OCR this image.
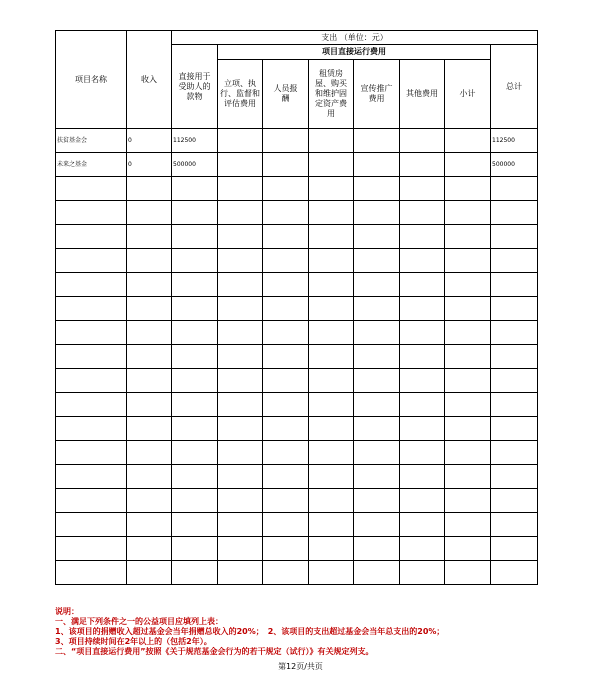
项目名称	收入	支出 （单位：元）							

		直接用于受助人的款物	项目直接运行费用						总计

			立项、执行、监督和评估费用	人员报酬	租赁房屋、购买和维护固定资产费用	宣传推广费用	其他费用	小计	
扶贫基金会	0	112500							112500
未来之基金	0	500000							500000

说明：
一、满足下列条件之一的公益项目应填列上表：
1、该项目的捐赠收入超过基金会当年捐赠总收入的20%；　2、该项目的支出超过基金会当年总支出的20%；
3、项目持续时间在2年以上的（包括2年）。
二、“项目直接运行费用”按照《关于规范基金会行为的若干规定（试行）》有关规定列支。
第12页/共页
